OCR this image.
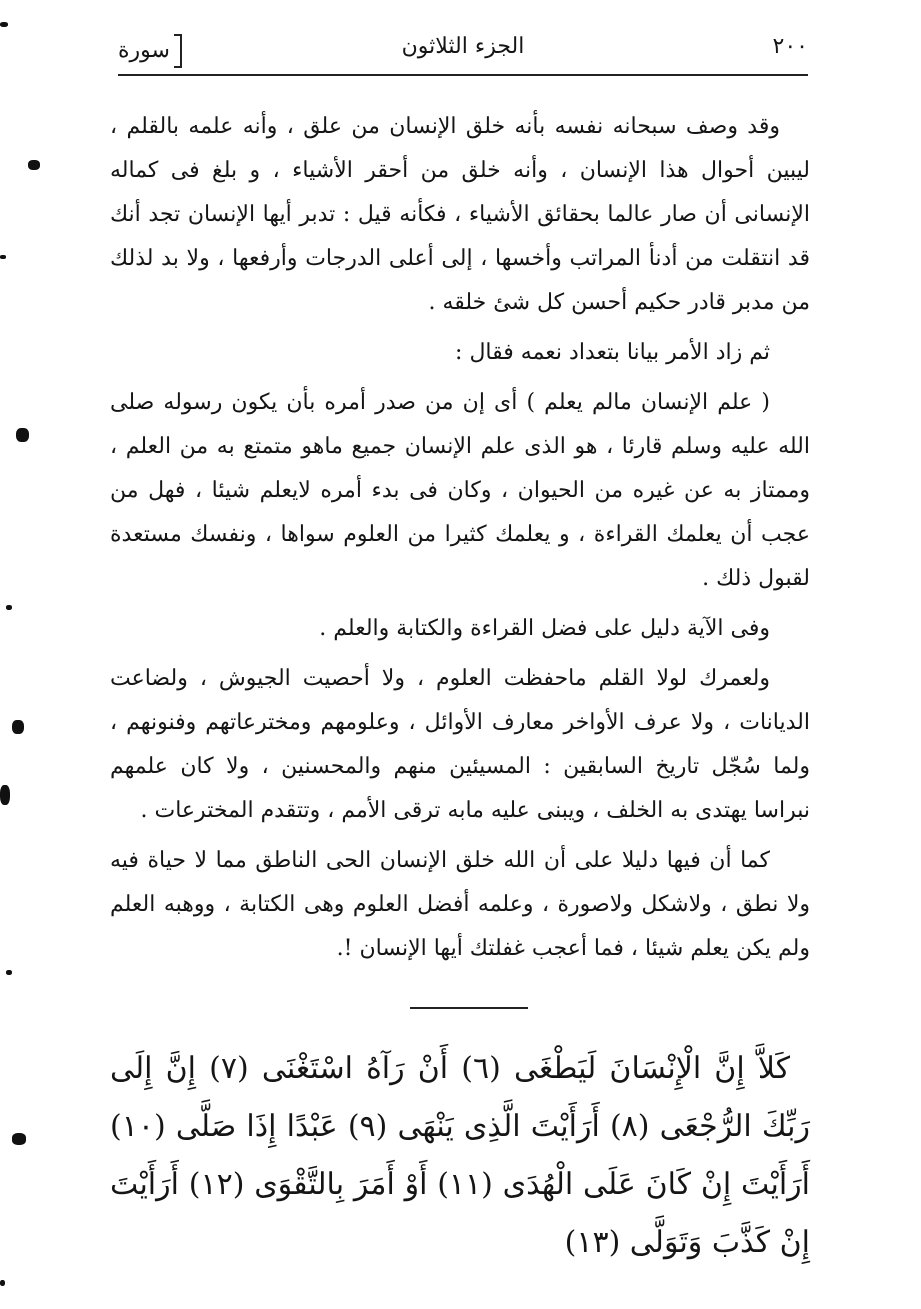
٢٠٠
الجزء الثلاثون
سورة

وقد وصف سبحانه نفسه بأنه خلق الإنسان من علق ، وأنه علمه بالقلم ، ليبين أحوال هذا الإنسان ، وأنه خلق من أحقر الأشياء ، و بلغ فى كماله الإنسانى أن صار عالما بحقائق الأشياء ، فكأنه قيل : تدبر أيها الإنسان تجد أنك قد انتقلت من أدنأ المراتب وأخسها ، إلى أعلى الدرجات وأرفعها ، ولا بد لذلك من مدبر قادر حكيم أحسن كل شئ خلقه .

ثم زاد الأمر بيانا بتعداد نعمه فقال :

( علم الإنسان مالم يعلم ) أى إن من صدر أمره بأن يكون رسوله صلى الله عليه وسلم قارئا ، هو الذى علم الإنسان جميع ماهو متمتع به من العلم ، وممتاز به عن غيره من الحيوان ، وكان فى بدء أمره لايعلم شيئا ، فهل من عجب أن يعلمك القراءة ، و يعلمك كثيرا من العلوم سواها ، ونفسك مستعدة لقبول ذلك .

وفى الآية دليل على فضل القراءة والكتابة والعلم .

ولعمرك لولا القلم ماحفظت العلوم ، ولا أحصيت الجيوش ، ولضاعت الديانات ، ولا عرف الأواخر معارف الأوائل ، وعلومهم ومخترعاتهم وفنونهم ، ولما سُجّل تاريخ السابقين : المسيئين منهم والمحسنين ، ولا كان علمهم نبراسا يهتدى به الخلف ، ويبنى عليه مابه ترقى الأمم ، وتتقدم المخترعات .

كما أن فيها دليلا على أن الله خلق الإنسان الحى الناطق مما لا حياة فيه ولا نطق ، ولاشكل ولاصورة ، وعلمه أفضل العلوم وهى الكتابة ، ووهبه العلم ولم يكن يعلم شيئا ، فما أعجب غفلتك أيها الإنسان !.

كَلاَّ إِنَّ الْإِنْسَانَ لَيَطْغَى (٦) أَنْ رَآهُ اسْتَغْنَى (٧) إِنَّ إِلَى رَبِّكَ الرُّجْعَى (٨) أَرَأَيْتَ الَّذِى يَنْهَى (٩) عَبْدًا إِذَا صَلَّى (١٠) أَرَأَيْتَ إِنْ كَانَ عَلَى الْهُدَى (١١) أَوْ أَمَرَ بِالتَّقْوَى (١٢) أَرَأَيْتَ إِنْ كَذَّبَ وَتَوَلَّى (١٣)
